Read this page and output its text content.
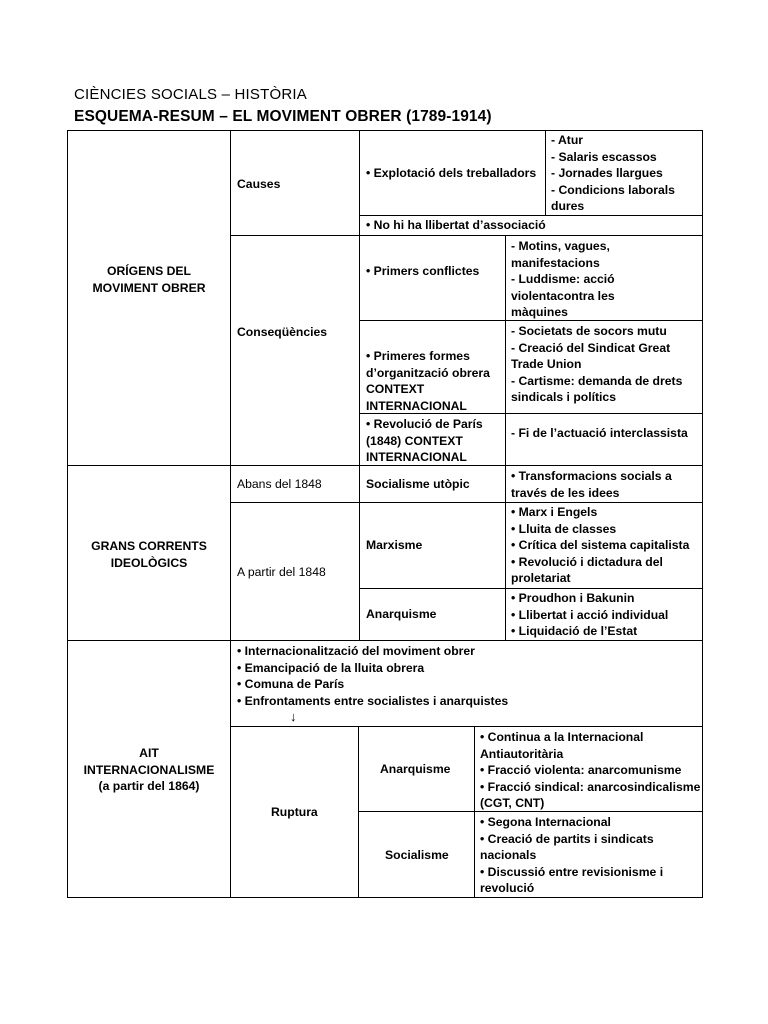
CIÈNCIES SOCIALS – HISTÒRIA
ESQUEMA-RESUM – EL MOVIMENT OBRER (1789-1914)
ORÍGENS DEL
MOVIMENT OBRER
Causes
• Explotació dels treballadors
- Atur
- Salaris escassos
- Jornades llargues
- Condicions laborals
dures
• No hi ha llibertat d’associació
Conseqüències
• Primers conflictes
- Motins, vagues,
manifestacions
- Luddisme: acció
violentacontra les
màquines
• Primeres formes
d’organització obrera
CONTEXT
INTERNACIONAL
- Societats de socors mutu
- Creació del Sindicat Great
Trade Union
- Cartisme: demanda de drets
sindicals i polítics
• Revolució de París
(1848) CONTEXT
INTERNACIONAL
- Fi de l’actuació interclassista
GRANS CORRENTS
IDEOLÒGICS
Abans del 1848	Socialisme utòpic
• Transformacions socials a
través de les idees
A partir del 1848
Marxisme
• Marx i Engels
• Lluita de classes
• Crítica del sistema capitalista
• Revolució i dictadura del
proletariat
Anarquisme
• Proudhon i Bakunin
• Llibertat i acció individual
• Liquidació de l’Estat
AIT
INTERNACIONALISME
(a partir del 1864)
• Internacionalització del moviment obrer
• Emancipació de la lluita obrera
• Comuna de París
• Enfrontaments entre socialistes i anarquistes
↓
Ruptura
Anarquisme
• Continua a la Internacional
Antiautoritària
• Fracció violenta: anarcomunisme
• Fracció sindical: anarcosindicalisme
(CGT, CNT)
Socialisme
• Segona Internacional
• Creació de partits i sindicats
nacionals
• Discussió entre revisionisme i
revolució
